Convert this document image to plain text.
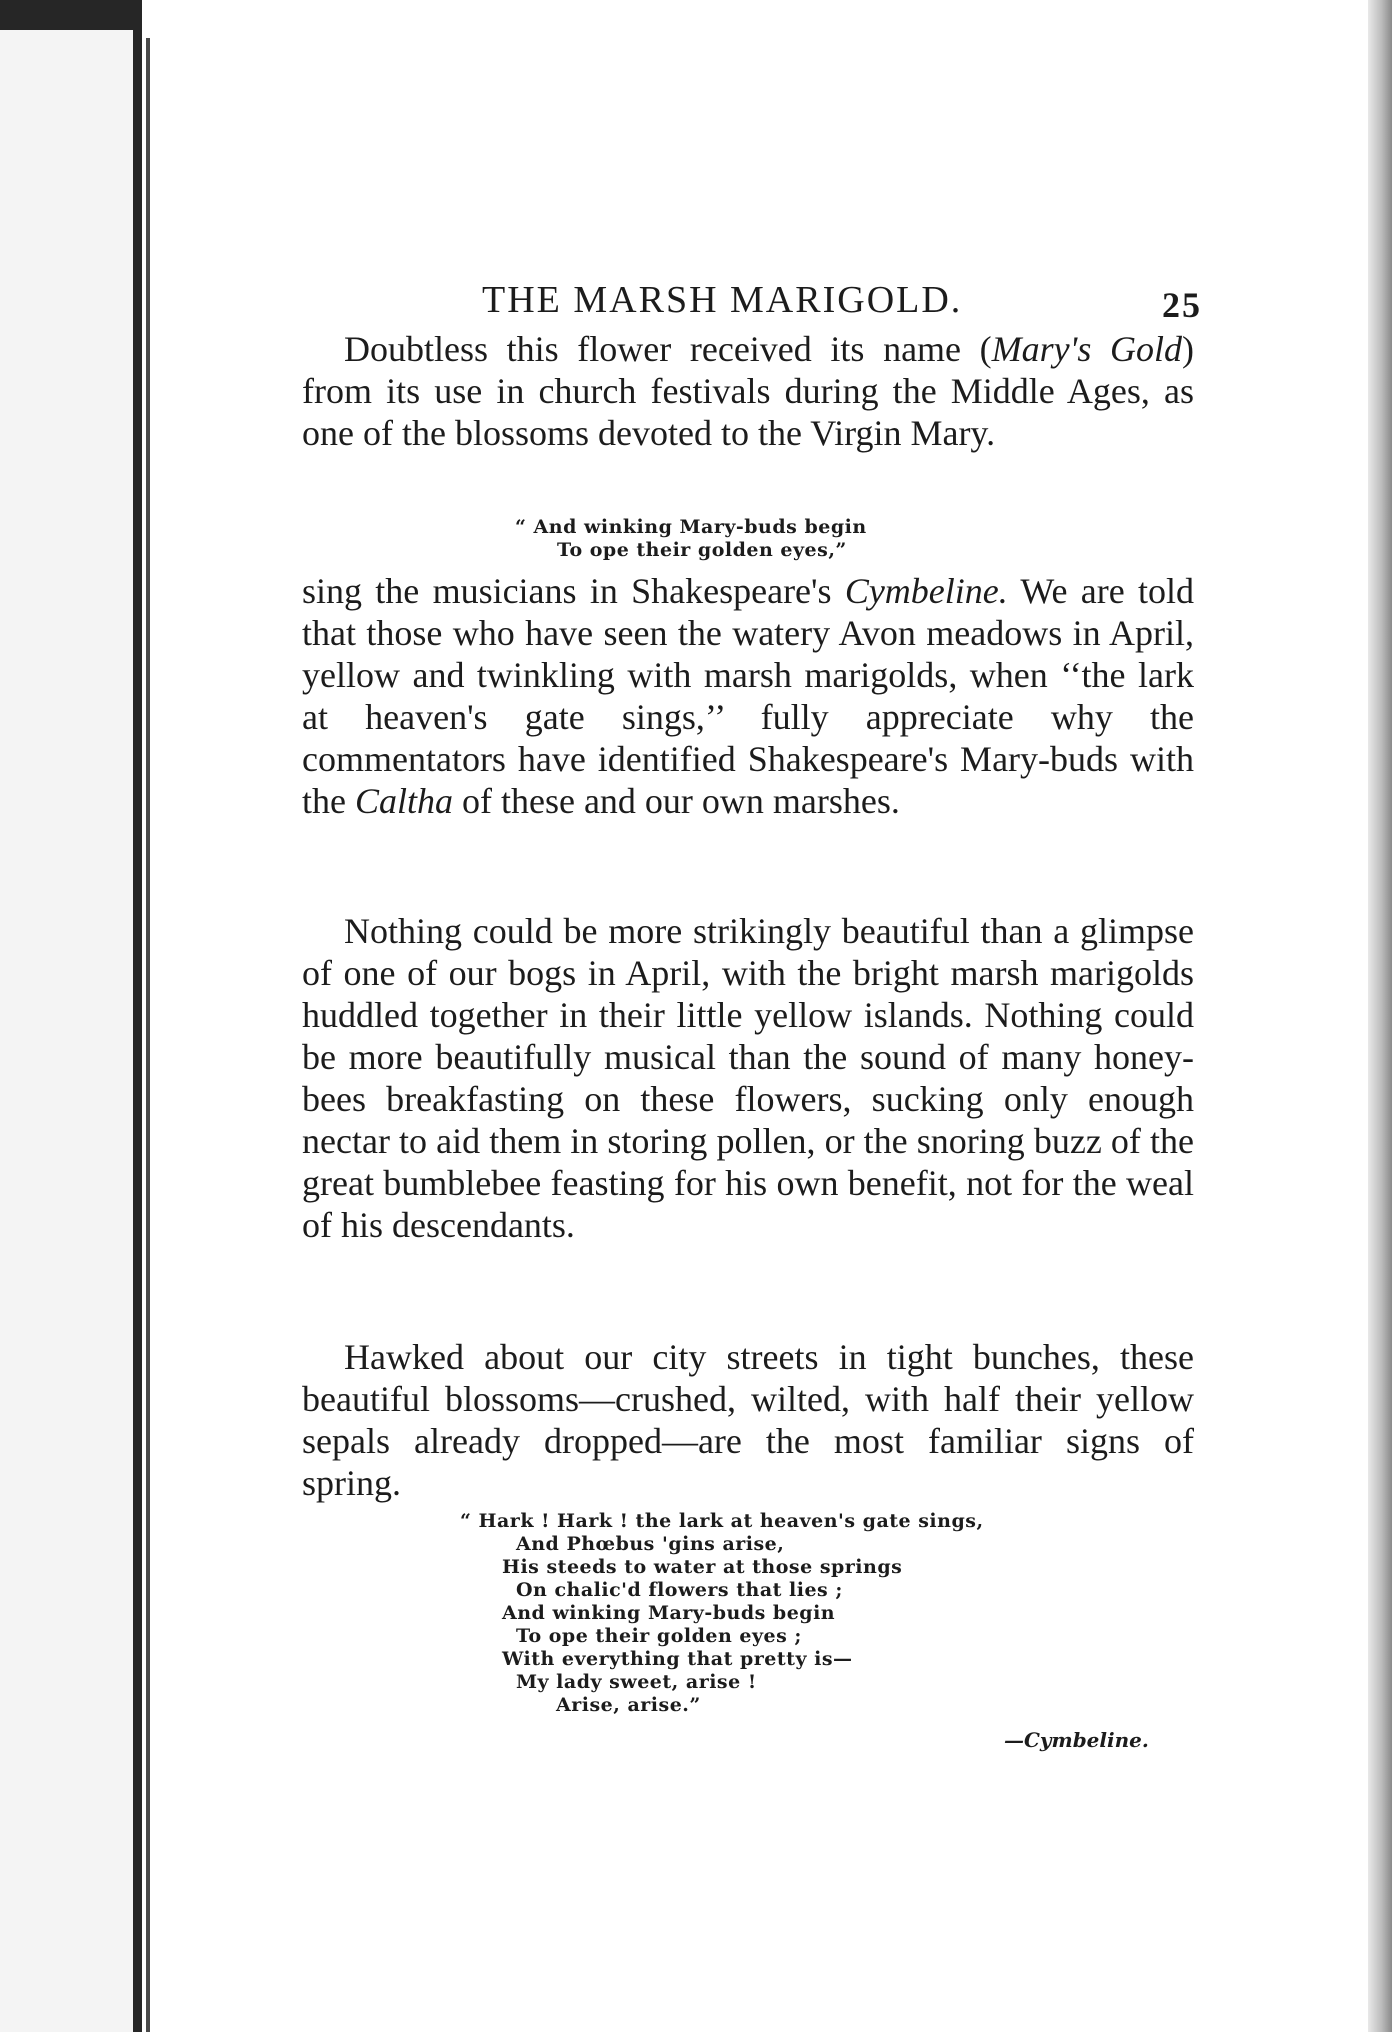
THE MARSH MARIGOLD.	25

Doubtless this flower received its name (Mary's Gold) from its use in church festivals during the Middle Ages, as one of the blossoms devoted to the Virgin Mary.

“ And winking Mary-buds begin
To ope their golden eyes,”

sing the musicians in Shakespeare's Cymbeline. We are told that those who have seen the watery Avon meadows in April, yellow and twinkling with marsh marigolds, when ‘‘the lark at heaven's gate sings,’’ fully appreciate why the commentators have identified Shakespeare's Mary-buds with the Caltha of these and our own marshes.

Nothing could be more strikingly beautiful than a glimpse of one of our bogs in April, with the bright marsh marigolds huddled together in their little yellow islands. Nothing could be more beautifully musical than the sound of many honey-bees breakfasting on these flowers, sucking only enough nectar to aid them in storing pollen, or the snoring buzz of the great bumblebee feasting for his own benefit, not for the weal of his descendants.

Hawked about our city streets in tight bunches, these beautiful blossoms—crushed, wilted, with half their yellow sepals already dropped—are the most familiar signs of spring.

“ Hark ! Hark ! the lark at heaven's gate sings,
And Phœbus 'gins arise,
His steeds to water at those springs
On chalic'd flowers that lies ;
And winking Mary-buds begin
To ope their golden eyes ;
With everything that pretty is—
My lady sweet, arise !
Arise, arise.”
—Cymbeline.
